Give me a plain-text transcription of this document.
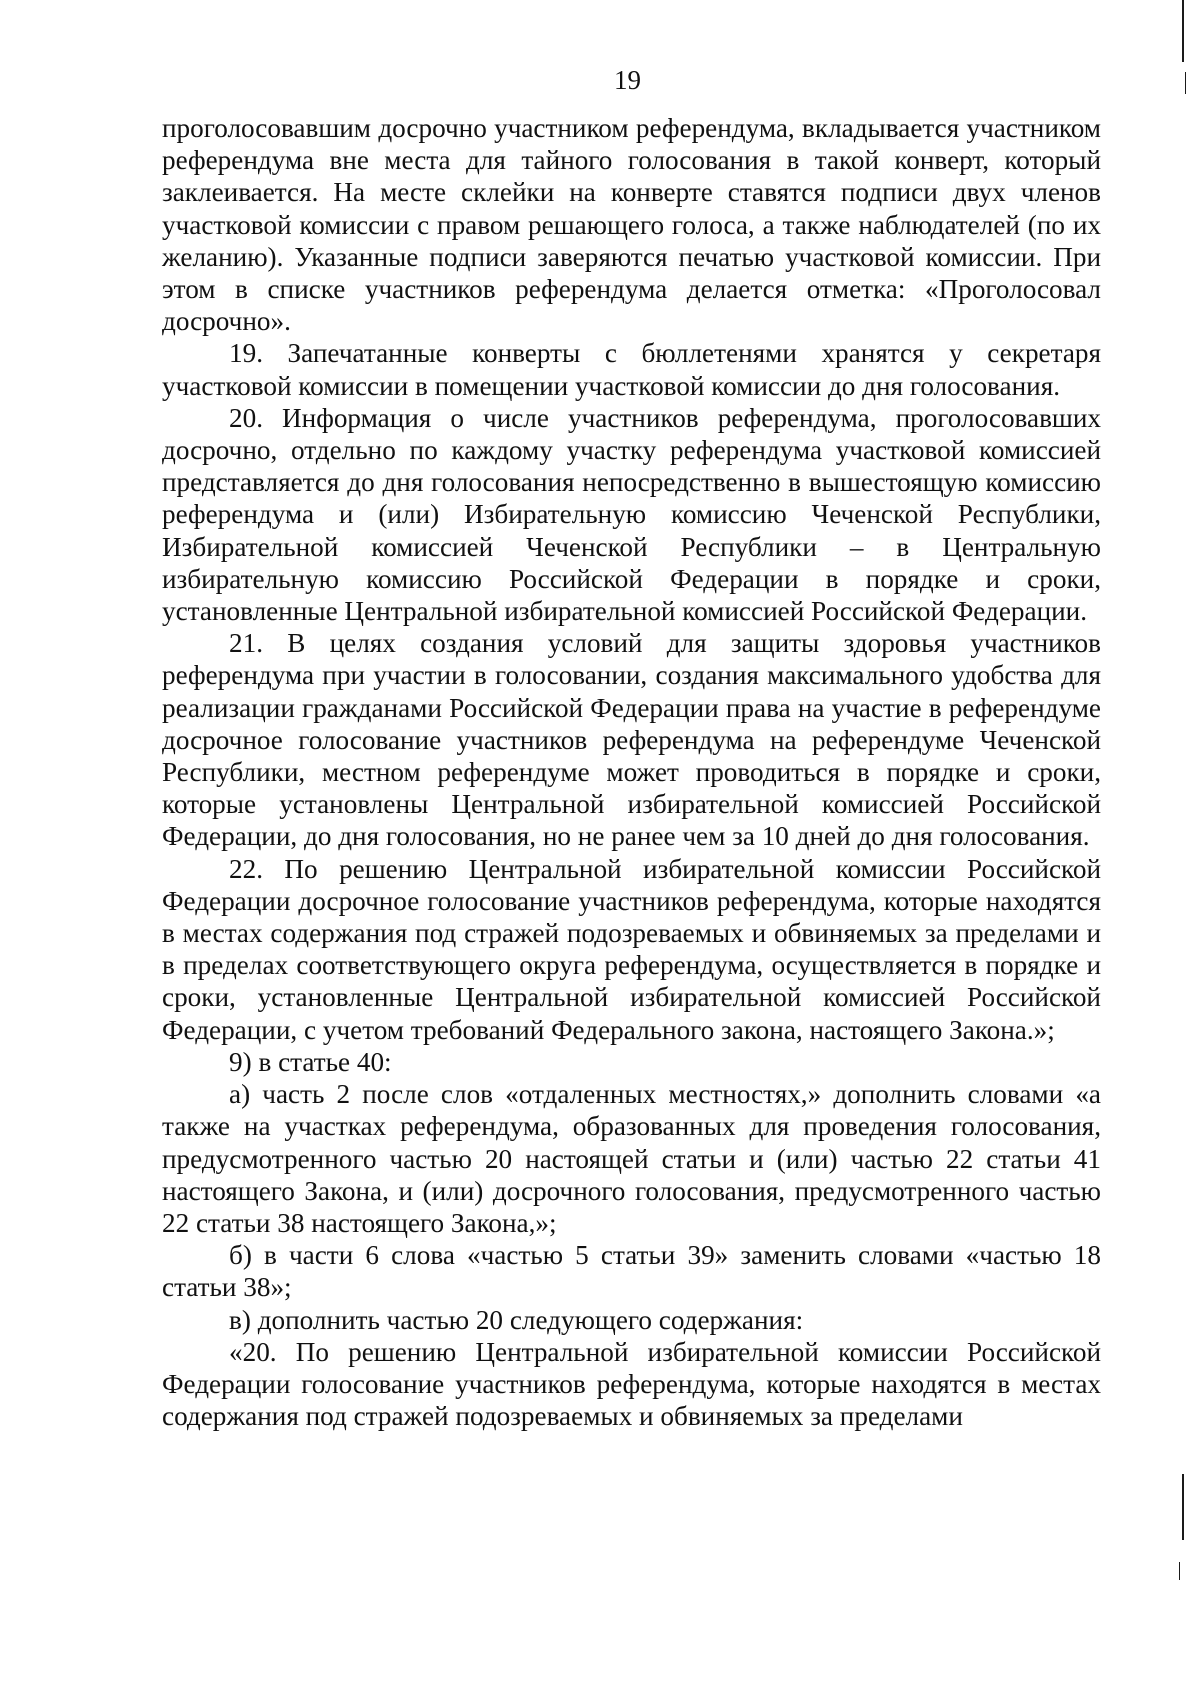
19

проголосовавшим досрочно участником референдума, вкладывается участником референдума вне места для тайного голосования в такой конверт, который заклеивается. На месте склейки на конверте ставятся подписи двух членов участковой комиссии с правом решающего голоса, а также наблюдателей (по их желанию). Указанные подписи заверяются печатью участковой комиссии. При этом в списке участников референдума делается отметка: «Проголосовал досрочно».

19. Запечатанные конверты с бюллетенями хранятся у секретаря участковой комиссии в помещении участковой комиссии до дня голосования.

20. Информация о числе участников референдума, проголосовавших досрочно, отдельно по каждому участку референдума участковой комиссией представляется до дня голосования непосредственно в вышестоящую комиссию референдума и (или) Избирательную комиссию Чеченской Республики, Избирательной комиссией Чеченской Республики – в Центральную избирательную комиссию Российской Федерации в порядке и сроки, установленные Центральной избирательной комиссией Российской Федерации.

21. В целях создания условий для защиты здоровья участников референдума при участии в голосовании, создания максимального удобства для реализации гражданами Российской Федерации права на участие в референдуме досрочное голосование участников референдума на референдуме Чеченской Республики, местном референдуме может проводиться в порядке и сроки, которые установлены Центральной избирательной комиссией Российской Федерации, до дня голосования, но не ранее чем за 10 дней до дня голосования.

22. По решению Центральной избирательной комиссии Российской Федерации досрочное голосование участников референдума, которые находятся в местах содержания под стражей подозреваемых и обвиняемых за пределами и в пределах соответствующего округа референдума, осуществляется в порядке и сроки, установленные Центральной избирательной комиссией Российской Федерации, с учетом требований Федерального закона, настоящего Закона.»;

9) в статье 40:

а) часть 2 после слов «отдаленных местностях,» дополнить словами «а также на участках референдума, образованных для проведения голосования, предусмотренного частью 20 настоящей статьи и (или) частью 22 статьи 41 настоящего Закона, и (или) досрочного голосования, предусмотренного частью 22 статьи 38 настоящего Закона,»;

б) в части 6 слова «частью 5 статьи 39» заменить словами «частью 18 статьи 38»;

в) дополнить частью 20 следующего содержания:

«20. По решению Центральной избирательной комиссии Российской Федерации голосование участников референдума, которые находятся в местах содержания под стражей подозреваемых и обвиняемых за пределами
